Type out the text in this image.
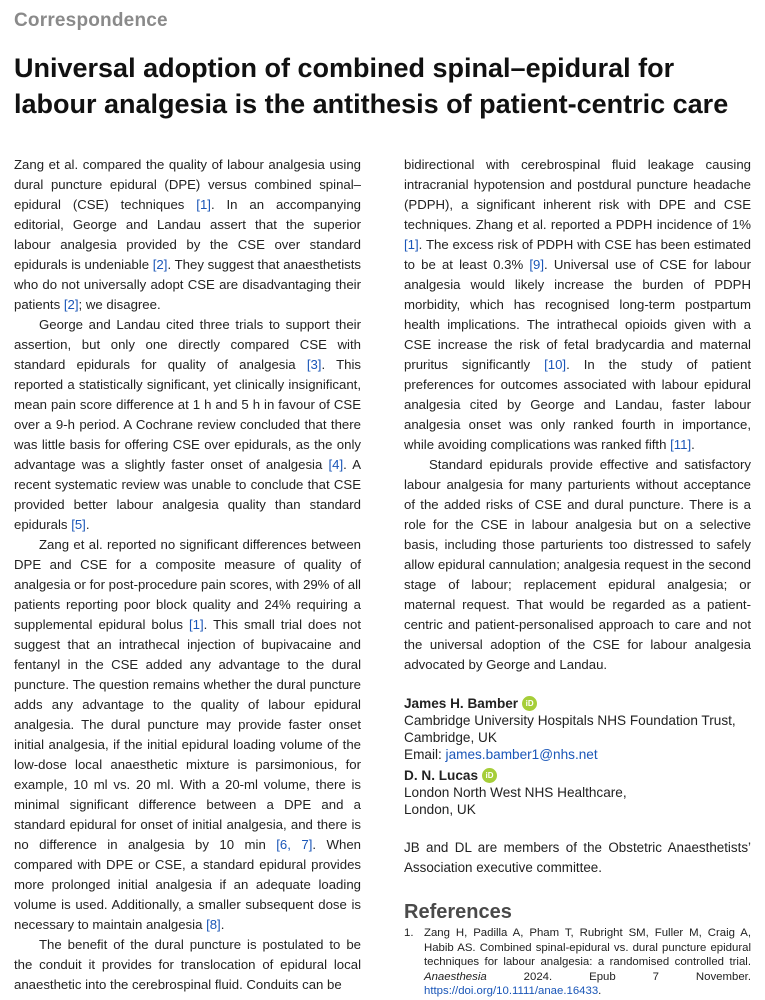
Correspondence
Universal adoption of combined spinal–epidural for labour analgesia is the antithesis of patient-centric care

Zang et al. compared the quality of labour analgesia using dural puncture epidural (DPE) versus combined spinal–epidural (CSE) techniques [1]. In an accompanying editorial, George and Landau assert that the superior labour analgesia provided by the CSE over standard epidurals is undeniable [2]. They suggest that anaesthetists who do not universally adopt CSE are disadvantaging their patients [2]; we disagree.

George and Landau cited three trials to support their assertion, but only one directly compared CSE with standard epidurals for quality of analgesia [3]. This reported a statistically significant, yet clinically insignificant, mean pain score difference at 1 h and 5 h in favour of CSE over a 9-h period. A Cochrane review concluded that there was little basis for offering CSE over epidurals, as the only advantage was a slightly faster onset of analgesia [4]. A recent systematic review was unable to conclude that CSE provided better labour analgesia quality than standard epidurals [5].

Zang et al. reported no significant differences between DPE and CSE for a composite measure of quality of analgesia or for post-procedure pain scores, with 29% of all patients reporting poor block quality and 24% requiring a supplemental epidural bolus [1]. This small trial does not suggest that an intrathecal injection of bupivacaine and fentanyl in the CSE added any advantage to the dural puncture. The question remains whether the dural puncture adds any advantage to the quality of labour epidural analgesia. The dural puncture may provide faster onset initial analgesia, if the initial epidural loading volume of the low-dose local anaesthetic mixture is parsimonious, for example, 10 ml vs. 20 ml. With a 20-ml volume, there is minimal significant difference between a DPE and a standard epidural for onset of initial analgesia, and there is no difference in analgesia by 10 min [6, 7]. When compared with DPE or CSE, a standard epidural provides more prolonged initial analgesia if an adequate loading volume is used. Additionally, a smaller subsequent dose is necessary to maintain analgesia [8].

The benefit of the dural puncture is postulated to be the conduit it provides for translocation of epidural local anaesthetic into the cerebrospinal fluid. Conduits can be

bidirectional with cerebrospinal fluid leakage causing intracranial hypotension and postdural puncture headache (PDPH), a significant inherent risk with DPE and CSE techniques. Zhang et al. reported a PDPH incidence of 1% [1]. The excess risk of PDPH with CSE has been estimated to be at least 0.3% [9]. Universal use of CSE for labour analgesia would likely increase the burden of PDPH morbidity, which has recognised long-term postpartum health implications. The intrathecal opioids given with a CSE increase the risk of fetal bradycardia and maternal pruritus significantly [10]. In the study of patient preferences for outcomes associated with labour epidural analgesia cited by George and Landau, faster labour analgesia onset was only ranked fourth in importance, while avoiding complications was ranked fifth [11].

Standard epidurals provide effective and satisfactory labour analgesia for many parturients without acceptance of the added risks of CSE and dural puncture. There is a role for the CSE in labour analgesia but on a selective basis, including those parturients too distressed to safely allow epidural cannulation; analgesia request in the second stage of labour; replacement epidural analgesia; or maternal request. That would be regarded as a patient-centric and patient-personalised approach to care and not the universal adoption of the CSE for labour analgesia advocated by George and Landau.

James H. Bamber iD
Cambridge University Hospitals NHS Foundation Trust,
Cambridge, UK
Email: james.bamber1@nhs.net
D. N. Lucas iD
London North West NHS Healthcare,
London, UK
JB and DL are members of the Obstetric Anaesthetists’ Association executive committee.
References
1. Zang H, Padilla A, Pham T, Rubright SM, Fuller M, Craig A, Habib AS. Combined spinal-epidural vs. dural puncture epidural techniques for labour analgesia: a randomised controlled trial. Anaesthesia 2024. Epub 7 November. https://doi.org/10.1111/anae.16433.
